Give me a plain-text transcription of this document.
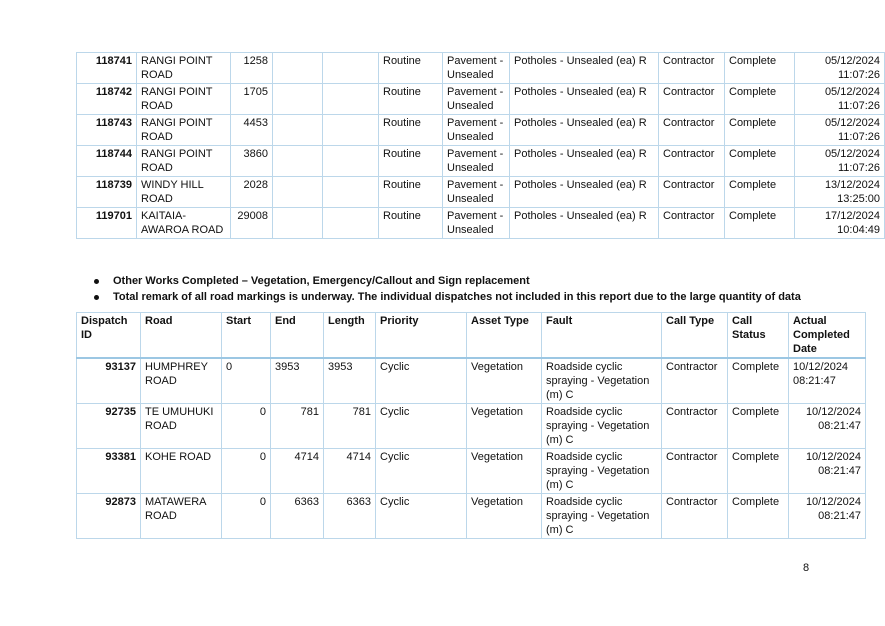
118741	RANGI POINT ROAD	1258			Routine	Pavement - Unsealed	Potholes - Unsealed (ea) R	Contractor	Complete	05/12/2024
11:07:26
118742	RANGI POINT ROAD	1705			Routine	Pavement - Unsealed	Potholes - Unsealed (ea) R	Contractor	Complete	05/12/2024
11:07:26
118743	RANGI POINT ROAD	4453			Routine	Pavement - Unsealed	Potholes - Unsealed (ea) R	Contractor	Complete	05/12/2024
11:07:26
118744	RANGI POINT ROAD	3860			Routine	Pavement - Unsealed	Potholes - Unsealed (ea) R	Contractor	Complete	05/12/2024
11:07:26
118739	WINDY HILL ROAD	2028			Routine	Pavement - Unsealed	Potholes - Unsealed (ea) R	Contractor	Complete	13/12/2024
13:25:00
119701	KAITAIA- AWAROA ROAD	29008			Routine	Pavement - Unsealed	Potholes - Unsealed (ea) R	Contractor	Complete	17/12/2024
10:04:49
Other Works Completed – Vegetation, Emergency/Callout and Sign replacement
Total remark of all road markings is underway. The individual dispatches not included in this report due to the large quantity of data
Dispatch ID	Road	Start	End	Length	Priority	Asset Type	Fault	Call Type	Call Status	Actual Completed Date
93137	HUMPHREY ROAD	0	3953	3953	Cyclic	Vegetation	Roadside cyclic spraying - Vegetation (m) C	Contractor	Complete	10/12/2024
08:21:47
92735	TE UMUHUKI ROAD	0	781	781	Cyclic	Vegetation	Roadside cyclic spraying - Vegetation (m) C	Contractor	Complete	10/12/2024
08:21:47
93381	KOHE ROAD	0	4714	4714	Cyclic	Vegetation	Roadside cyclic spraying - Vegetation (m) C	Contractor	Complete	10/12/2024
08:21:47
92873	MATAWERA ROAD	0	6363	6363	Cyclic	Vegetation	Roadside cyclic spraying - Vegetation (m) C	Contractor	Complete	10/12/2024
08:21:47
8
